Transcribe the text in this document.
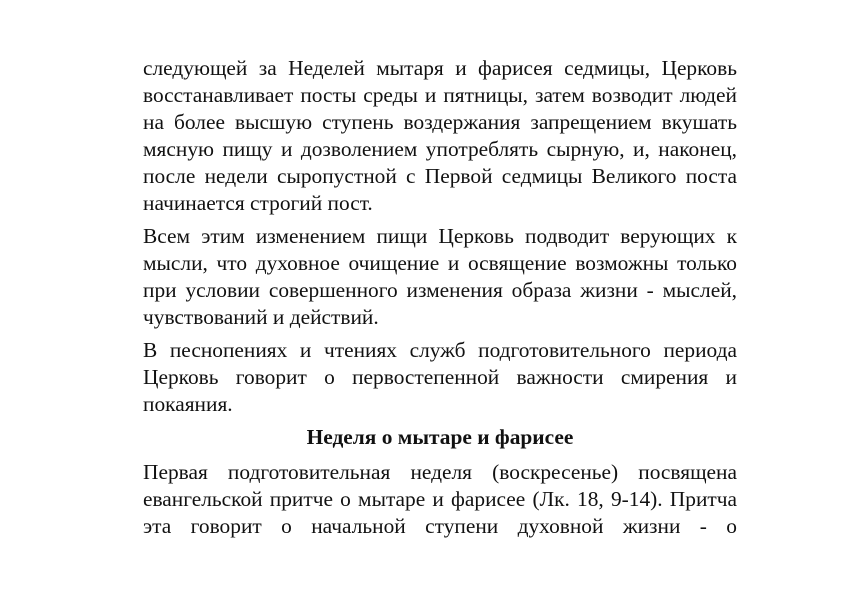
следующей за Неделей мытаря и фарисея седмицы, Церковь восстанавливает посты среды и пятницы, затем возводит людей на более высшую ступень воздержания запрещением вкушать мясную пищу и дозволением употреблять сырную, и, наконец, после недели сыропустной с Первой седмицы Великого поста начинается строгий пост.

Всем этим изменением пищи Церковь подводит верующих к мысли, что духовное очищение и освящение возможны только при условии совершенного изменения образа жизни - мыслей, чувствований и действий.

В песнопениях и чтениях служб подготовительного периода Церковь говорит о первостепенной важности смирения и покаяния.

Неделя о мытаре и фарисее

Первая подготовительная неделя (воскресенье) посвящена евангельской притче о мытаре и фарисее (Лк. 18, 9-14). Притча эта говорит о начальной ступени духовной жизни - о
